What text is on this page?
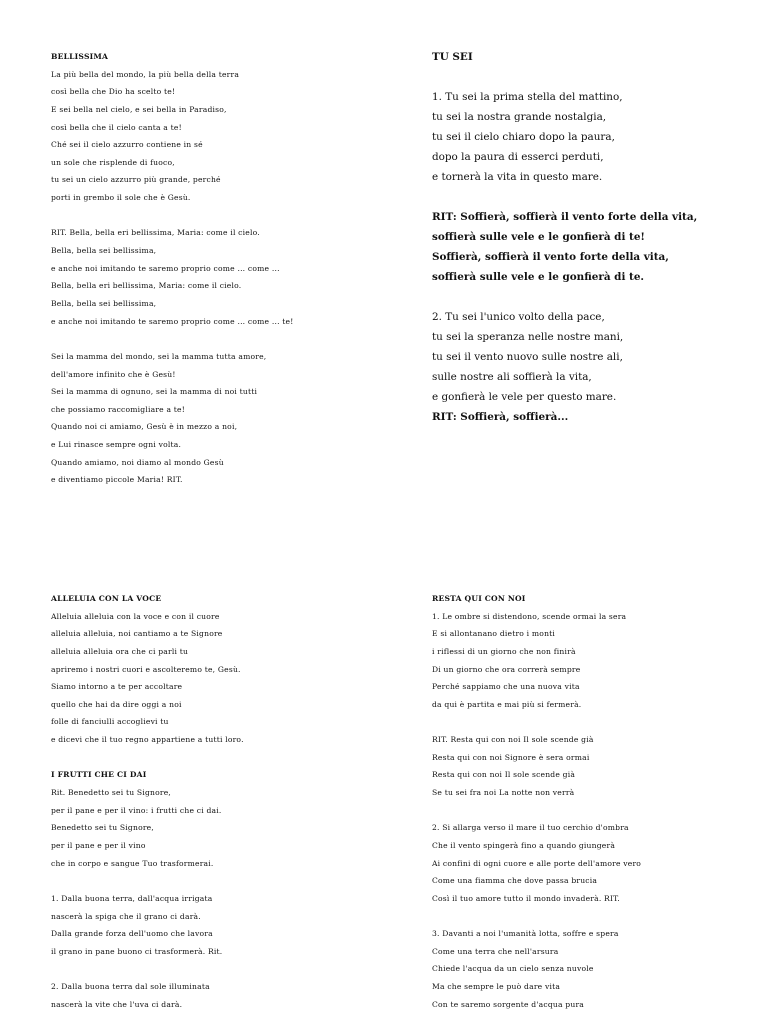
BELLISSIMA
La più bella del mondo, la più bella della terra
così bella che Dio ha scelto te!
E sei bella nel cielo, e sei bella in Paradiso,
così bella che il cielo canta a te!
Ché sei il cielo azzurro contiene in sé
un sole che risplende di fuoco,
tu sei un cielo azzurro più grande, perché
porti in grembo il sole che è Gesù.
RIT. Bella, bella eri bellissima, Maria: come il cielo.
Bella, bella sei bellissima,
e anche noi imitando te saremo proprio come ... come ...
Bella, bella eri bellissima, Maria: come il cielo.
Bella, bella sei bellissima,
e anche noi imitando te saremo proprio come ... come ... te!
Sei la mamma del mondo, sei la mamma tutta amore,
dell'amore infinito che è Gesù!
Sei la mamma di ognuno, sei la mamma di noi tutti
che possiamo raccomigliare a te!
Quando noi ci amiamo, Gesù è in mezzo a noi,
e Lui rinasce sempre ogni volta.
Quando amiamo, noi diamo al mondo Gesù
e diventiamo piccole Maria! RIT.
TU SEI
1. Tu sei la prima stella del mattino,
tu sei la nostra grande nostalgia,
tu sei il cielo chiaro dopo la paura,
dopo la paura di esserci perduti,
e tornerà la vita in questo mare.
RIT: Soffierà, soffierà il vento forte della vita,
soffierà sulle vele e le gonfierà di te!
Soffierà, soffierà il vento forte della vita,
soffierà sulle vele e le gonfierà di te.
2. Tu sei l'unico volto della pace,
tu sei la speranza nelle nostre mani,
tu sei il vento nuovo sulle nostre ali,
sulle nostre ali soffierà la vita,
e gonfierà le vele per questo mare.
RIT: Soffierà, soffierà...
ALLELUIA CON LA VOCE
Alleluia alleluia con la voce e con il cuore
alleluia alleluia, noi cantiamo a te Signore
alleluia alleluia ora che ci parli tu
apriremo i nostri cuori e ascolteremo te, Gesù.
Siamo intorno a te per accoltare
quello che hai da dire oggi a noi
folle di fanciulli accoglievi tu
e dicevi che il tuo regno appartiene a tutti loro.
I FRUTTI CHE CI DAI
Rit. Benedetto sei tu Signore,
per il pane e per il vino: i frutti che ci dai.
Benedetto sei tu Signore,
per il pane e per il vino
che in corpo e sangue Tuo trasformerai.
1. Dalla buona terra, dall'acqua irrigata
nascerà la spiga che il grano ci darà.
Dalla grande forza dell'uomo che lavora
il grano in pane buono ci trasformerà. Rit.
2. Dalla buona terra dal sole illuminata
nascerà la vite che l'uva ci darà.
RESTA QUI CON NOI
1. Le ombre si distendono, scende ormai la sera
E si allontanano dietro i monti
i riflessi di un giorno che non finirà
Di un giorno che ora correrà sempre
Perché sappiamo che una nuova vita
da qui è partita e mai più si fermerà.
RIT. Resta qui con noi Il sole scende già
Resta qui con noi Signore è sera ormai
Resta qui con noi Il sole scende già
Se tu sei fra noi La notte non verrà
2. Si allarga verso il mare il tuo cerchio d'ombra
Che il vento spingerà fino a quando giungerà
Ai confini di ogni cuore e alle porte dell'amore vero
Come una fiamma che dove passa brucia
Così il tuo amore tutto il mondo invaderà. RIT.
3. Davanti a noi l'umanità lotta, soffre e spera
Come una terra che nell'arsura
Chiede l'acqua da un cielo senza nuvole
Ma che sempre le può dare vita
Con te saremo sorgente d'acqua pura
